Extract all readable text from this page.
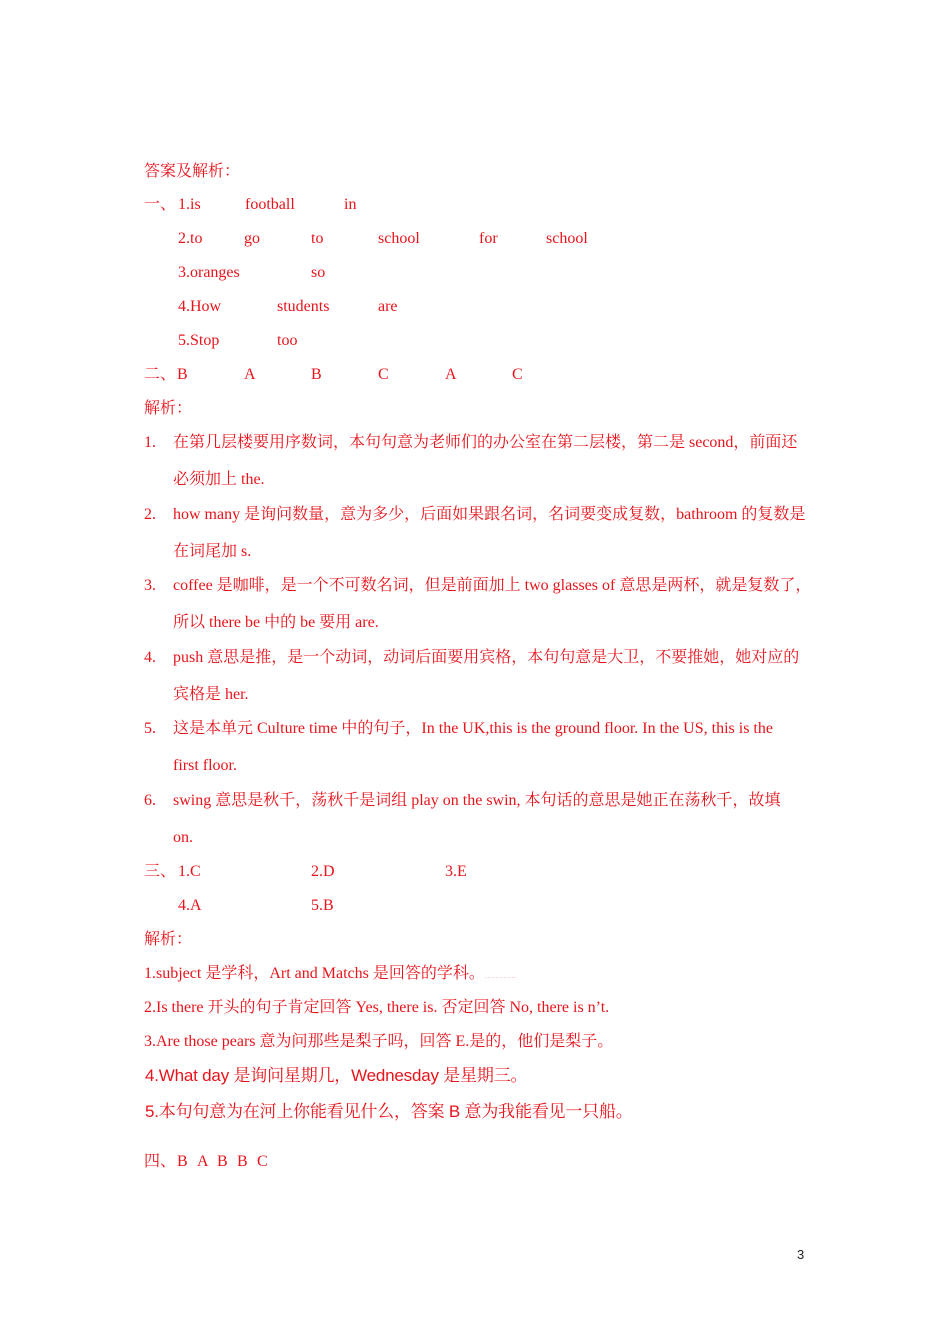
答案及解析：
一、 1.is	football	in
2.to	go	to	school	for	school
3.oranges	so
4.How	students	are
5.Stop	too
二、 B	A	B	C	A	C
解析：
1. 在第几层楼要用序数词，本句句意为老师们的办公室在第二层楼，第二是 second，前面还
必须加上 the.
2. how many 是询问数量，意为多少，后面如果跟名词，名词要变成复数，bathroom 的复数是
在词尾加 s.
3. coffee 是咖啡，是一个不可数名词，但是前面加上 two glasses of 意思是两杯，就是复数了，
所以 there be 中的 be 要用 are.
4. push 意思是推，是一个动词，动词后面要用宾格，本句句意是大卫，不要推她，她对应的
宾格是 her.
5. 这是本单元 Culture time 中的句子，In the UK,this is the ground floor. In the US, this is the
first floor.
6. swing 意思是秋千，荡秋千是词组 play on the swin, 本句话的意思是她正在荡秋千，故填
on.
三、 1.C	2.D	3.E
4.A	5.B
解析：
1.subject 是学科，Art and Matchs 是回答的学科。……………………
2.Is there 开头的句子肯定回答 Yes, there is. 否定回答 No, there is n’t.
3.Are those pears 意为问那些是梨子吗，回答 E.是的，他们是梨子。
4.What day 是询问星期几，Wednesday 是星期三。
5.本句句意为在河上你能看见什么，答案 B 意为我能看见一只船。
四、 B A B B C
3
